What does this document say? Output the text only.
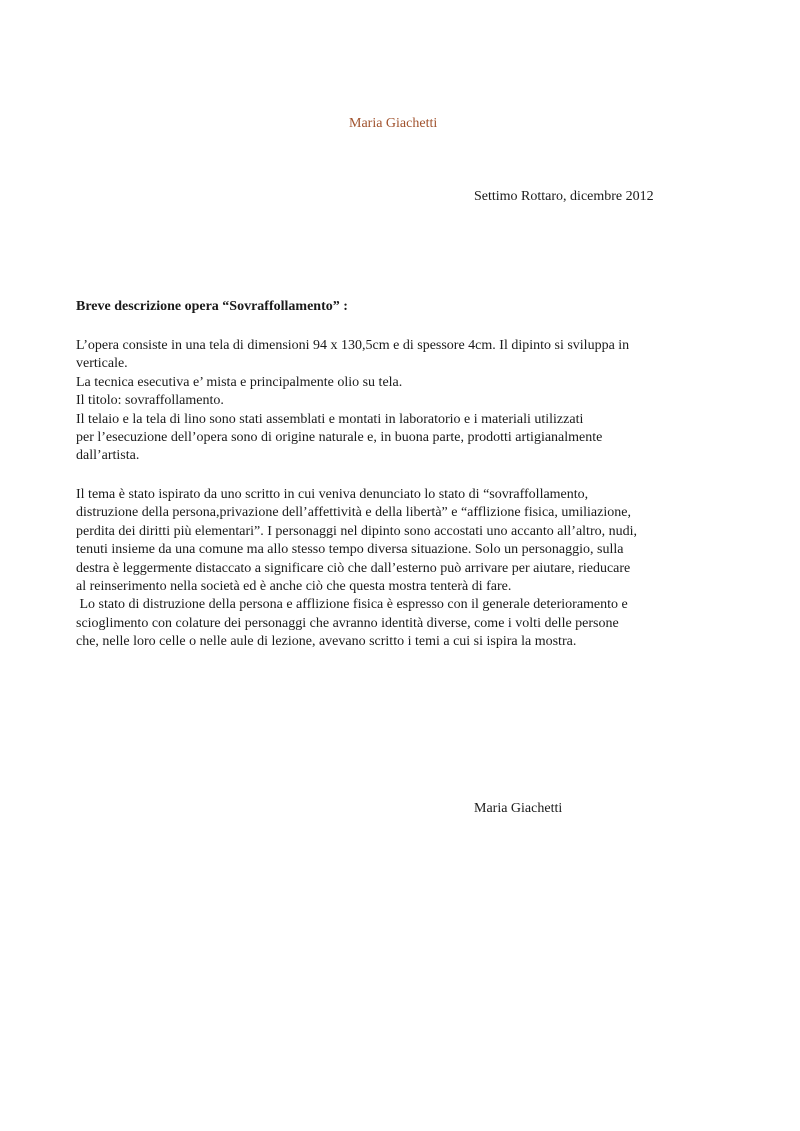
Maria Giachetti
Settimo Rottaro, dicembre 2012
Breve descrizione opera “Sovraffollamento” :
L’opera consiste in una tela di dimensioni 94 x 130,5cm e di spessore 4cm. Il dipinto si sviluppa in
verticale.
La tecnica esecutiva e’ mista e principalmente olio su tela.
Il titolo: sovraffollamento.
Il telaio e la tela di lino sono stati assemblati e montati in laboratorio e i materiali utilizzati
per l’esecuzione dell’opera sono di origine naturale e, in buona parte, prodotti artigianalmente
dall’artista.
Il tema è stato ispirato da uno scritto in cui veniva denunciato lo stato di “sovraffollamento,
distruzione della persona,privazione dell’affettività e della libertà” e “afflizione fisica, umiliazione,
perdita dei diritti più elementari”. I personaggi nel dipinto sono accostati uno accanto all’altro, nudi,
tenuti insieme da una comune ma allo stesso tempo diversa situazione. Solo un personaggio, sulla
destra è leggermente distaccato a significare ciò che dall’esterno può arrivare per aiutare, rieducare
al reinserimento nella società ed è anche ciò che questa mostra tenterà di fare.
Lo stato di distruzione della persona e afflizione fisica è espresso con il generale deterioramento e
scioglimento con colature dei personaggi che avranno identità diverse, come i volti delle persone
che, nelle loro celle o nelle aule di lezione, avevano scritto i temi a cui si ispira la mostra.
Maria Giachetti
